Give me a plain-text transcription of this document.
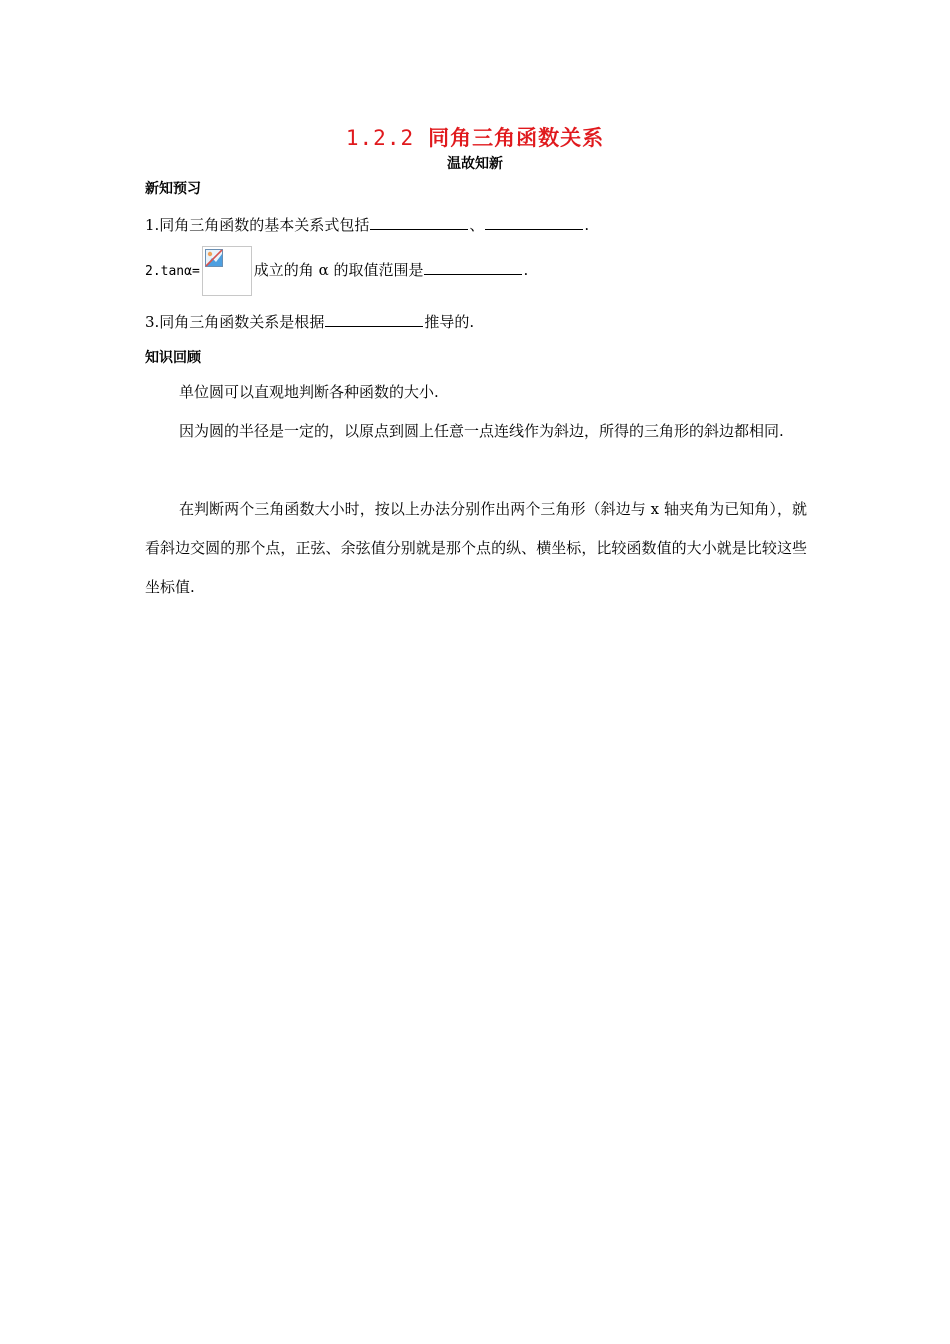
1.2.2 同角三角函数关系
温故知新
新知预习
1.同角三角函数的基本关系式包括	、	.
2.tanα=	成立的角 α 的取值范围是	.
3.同角三角函数关系是根据	推导的.
知识回顾
单位圆可以直观地判断各种函数的大小.
因为圆的半径是一定的，以原点到圆上任意一点连线作为斜边，所得的三角形的斜边都相同.
在判断两个三角函数大小时，按以上办法分别作出两个三角形（斜边与 x 轴夹角为已知角），就看斜边交圆的那个点，正弦、余弦值分别就是那个点的纵、横坐标，比较函数值的大小就是比较这些坐标值.
